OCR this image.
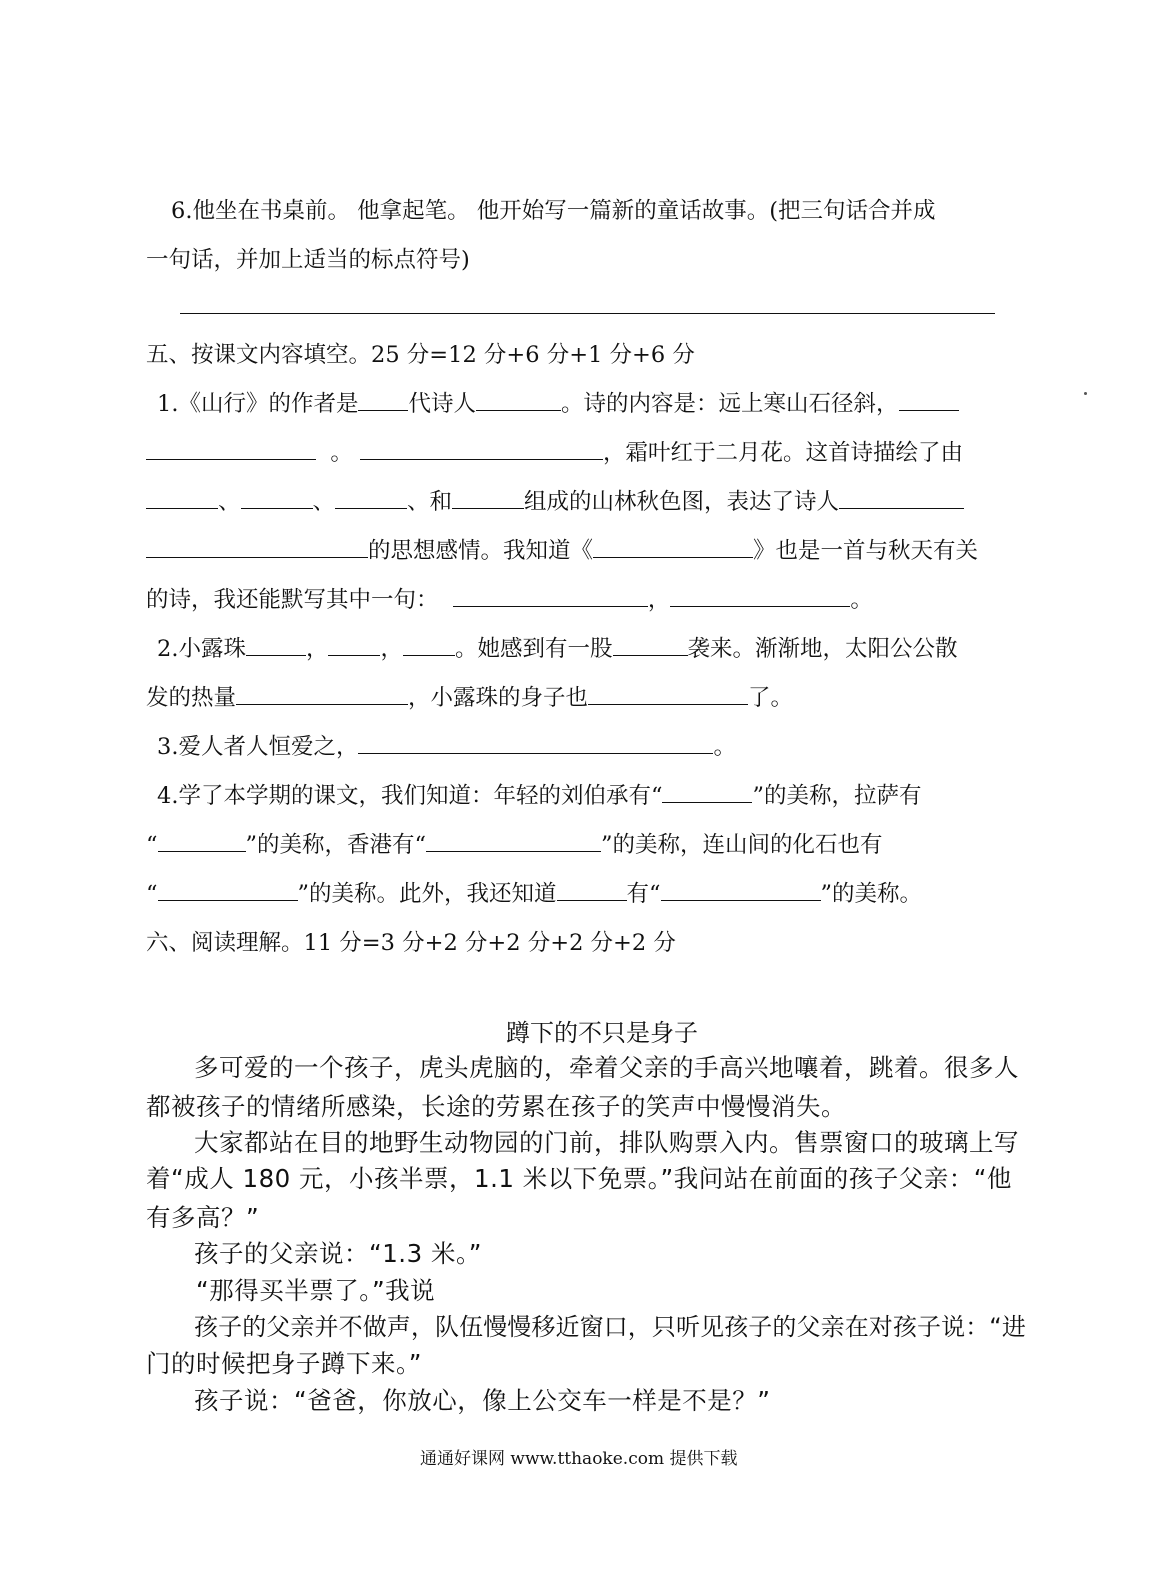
6.他坐在书桌前。 他拿起笔。 他开始写一篇新的童话故事。(把三句话合并成
一句话，并加上适当的标点符号)
五、按课文内容填空。25 分=12 分+6 分+1 分+6 分
1.《山行》的作者是 代诗人	。诗的内容是：远上寒山石径斜，
。	，霜叶红于二月花。这首诗描绘了由
、	、	、和	组成的山林秋色图，表达了诗人
的思想感情。我知道《	》也是一首与秋天有关
的诗，我还能默写其中一句：	，	。
2.小露珠	， ， 。她感到有一股	袭来。渐渐地，太阳公公散
发的热量	，小露珠的身子也	了。
3.爱人者人恒爱之，	。
4.学了本学期的课文，我们知道：年轻的刘伯承有“	”的美称，拉萨有
“	”的美称，香港有“	”的美称，连山间的化石也有
“	”的美称。此外，我还知道	有“	”的美称。
六、阅读理解。11 分=3 分+2 分+2 分+2 分+2 分
蹲下的不只是身子
多可爱的一个孩子，虎头虎脑的，牵着父亲的手高兴地嚷着，跳着。很多人
都被孩子的情绪所感染，长途的劳累在孩子的笑声中慢慢消失。
大家都站在目的地野生动物园的门前，排队购票入内。售票窗口的玻璃上写
着“成人 180 元，小孩半票，1.1 米以下免票。”我问站在前面的孩子父亲：“他
有多高？”
孩子的父亲说：“1.3 米。”
“那得买半票了。”我说
孩子的父亲并不做声，队伍慢慢移近窗口，只听见孩子的父亲在对孩子说：“进
门的时候把身子蹲下来。”
孩子说：“爸爸，你放心，像上公交车一样是不是？”
通通好课网 www.tthaoke.com 提供下载
